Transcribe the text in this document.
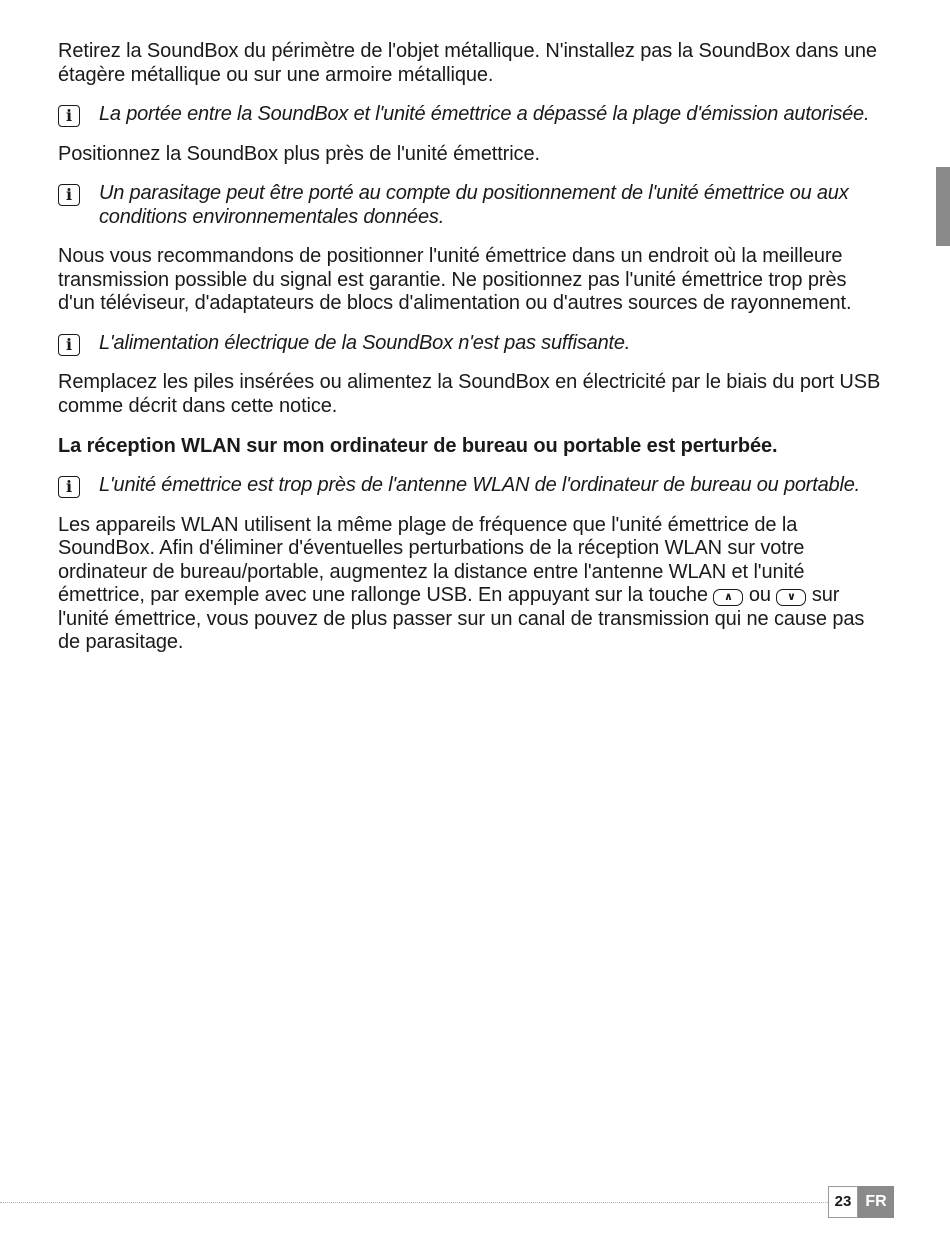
Retirez la SoundBox du périmètre de l'objet métallique. N'installez pas la SoundBox dans une étagère métallique ou sur une armoire métallique.

i	La portée entre la SoundBox et l'unité émettrice a dépassé la plage d'émission autorisée.

Positionnez la SoundBox plus près de l'unité émettrice.

i	Un parasitage peut être porté au compte du positionnement de l'unité émettrice ou aux conditions environnementales données.

Nous vous recommandons de positionner l'unité émettrice dans un endroit où la meilleure transmission possible du signal est garantie. Ne positionnez pas l'unité émettrice trop près d'un téléviseur, d'adaptateurs de blocs d'alimentation ou d'autres sources de rayonnement.

i	L'alimentation électrique de la SoundBox n'est pas suffisante.

Remplacez les piles insérées ou alimentez la SoundBox en électricité par le biais du port USB comme décrit dans cette notice.

La réception WLAN sur mon ordinateur de bureau ou portable est perturbée.

i	L'unité émettrice est trop près de l'antenne WLAN de l'ordinateur de bureau ou portable.

Les appareils WLAN utilisent la même plage de fréquence que l'unité émettrice de la SoundBox. Afin d'éliminer d'éventuelles perturbations de la réception WLAN sur votre ordinateur de bureau/portable, augmentez la distance entre l'antenne WLAN et l'unité émettrice, par exemple avec une rallonge USB. En appuyant sur la touche ∧ ou ∨ sur l'unité émettrice, vous pouvez de plus passer sur un canal de transmission qui ne cause pas de parasitage.

23 FR
